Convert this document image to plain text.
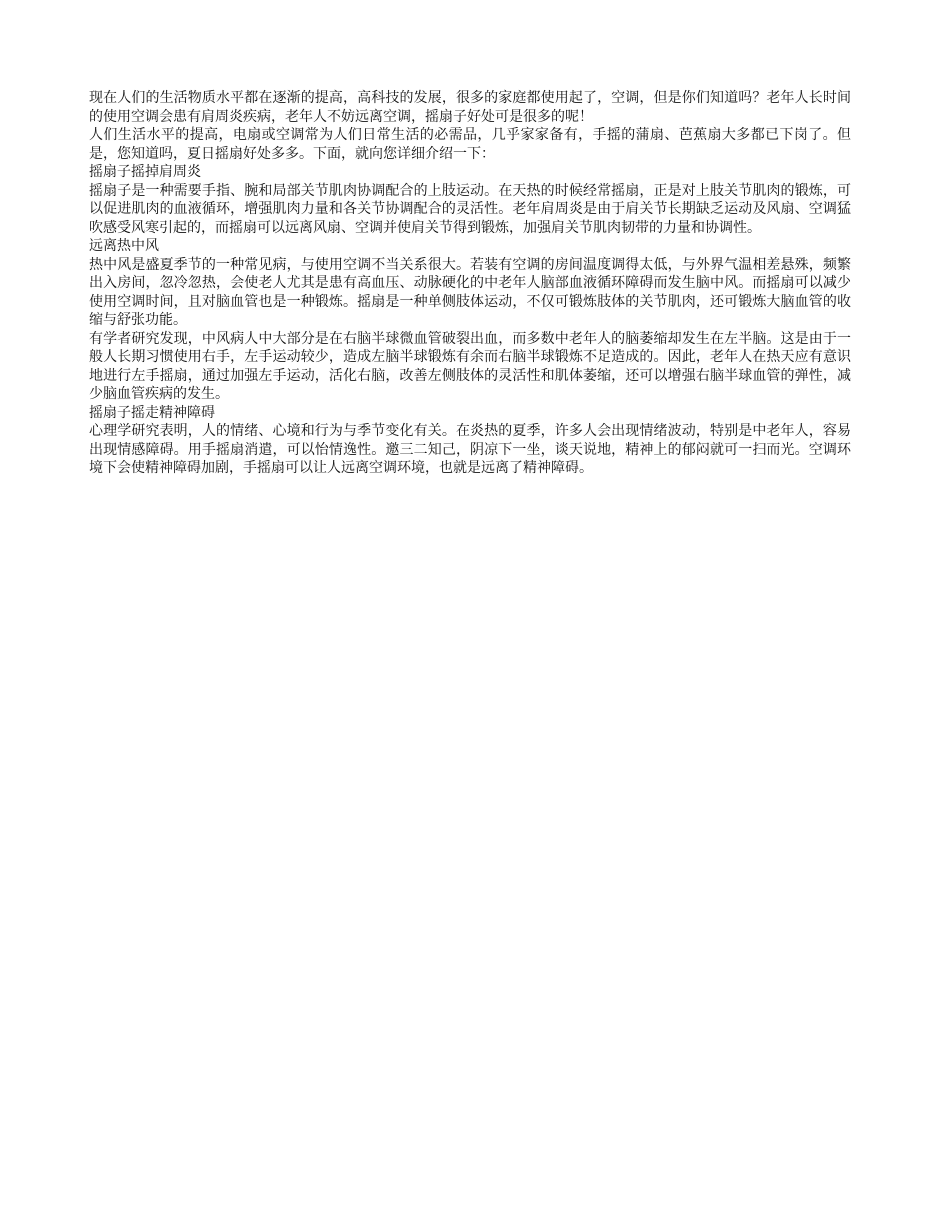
现在人们的生活物质水平都在逐渐的提高，高科技的发展，很多的家庭都使用起了，空调，但是你们知道吗？老年人长时间的使用空调会患有肩周炎疾病，老年人不妨远离空调，摇扇子好处可是很多的呢！

人们生活水平的提高，电扇或空调常为人们日常生活的必需品，几乎家家备有，手摇的蒲扇、芭蕉扇大多都已下岗了。但是，您知道吗，夏日摇扇好处多多。下面，就向您详细介绍一下：

摇扇子摇掉肩周炎

摇扇子是一种需要手指、腕和局部关节肌肉协调配合的上肢运动。在天热的时候经常摇扇，正是对上肢关节肌肉的锻炼，可以促进肌肉的血液循环，增强肌肉力量和各关节协调配合的灵活性。老年肩周炎是由于肩关节长期缺乏运动及风扇、空调猛吹感受风寒引起的，而摇扇可以远离风扇、空调并使肩关节得到锻炼，加强肩关节肌肉韧带的力量和协调性。

远离热中风

热中风是盛夏季节的一种常见病，与使用空调不当关系很大。若装有空调的房间温度调得太低，与外界气温相差悬殊，频繁出入房间，忽冷忽热，会使老人尤其是患有高血压、动脉硬化的中老年人脑部血液循环障碍而发生脑中风。而摇扇可以减少使用空调时间，且对脑血管也是一种锻炼。摇扇是一种单侧肢体运动，不仅可锻炼肢体的关节肌肉，还可锻炼大脑血管的收缩与舒张功能。

有学者研究发现，中风病人中大部分是在右脑半球微血管破裂出血，而多数中老年人的脑萎缩却发生在左半脑。这是由于一般人长期习惯使用右手，左手运动较少，造成左脑半球锻炼有余而右脑半球锻炼不足造成的。因此，老年人在热天应有意识地进行左手摇扇，通过加强左手运动，活化右脑，改善左侧肢体的灵活性和肌体萎缩，还可以增强右脑半球血管的弹性，减少脑血管疾病的发生。

摇扇子摇走精神障碍

心理学研究表明，人的情绪、心境和行为与季节变化有关。在炎热的夏季，许多人会出现情绪波动，特别是中老年人，容易出现情感障碍。用手摇扇消遣，可以怡情逸性。邀三二知己，阴凉下一坐，谈天说地，精神上的郁闷就可一扫而光。空调环境下会使精神障碍加剧，手摇扇可以让人远离空调环境，也就是远离了精神障碍。
